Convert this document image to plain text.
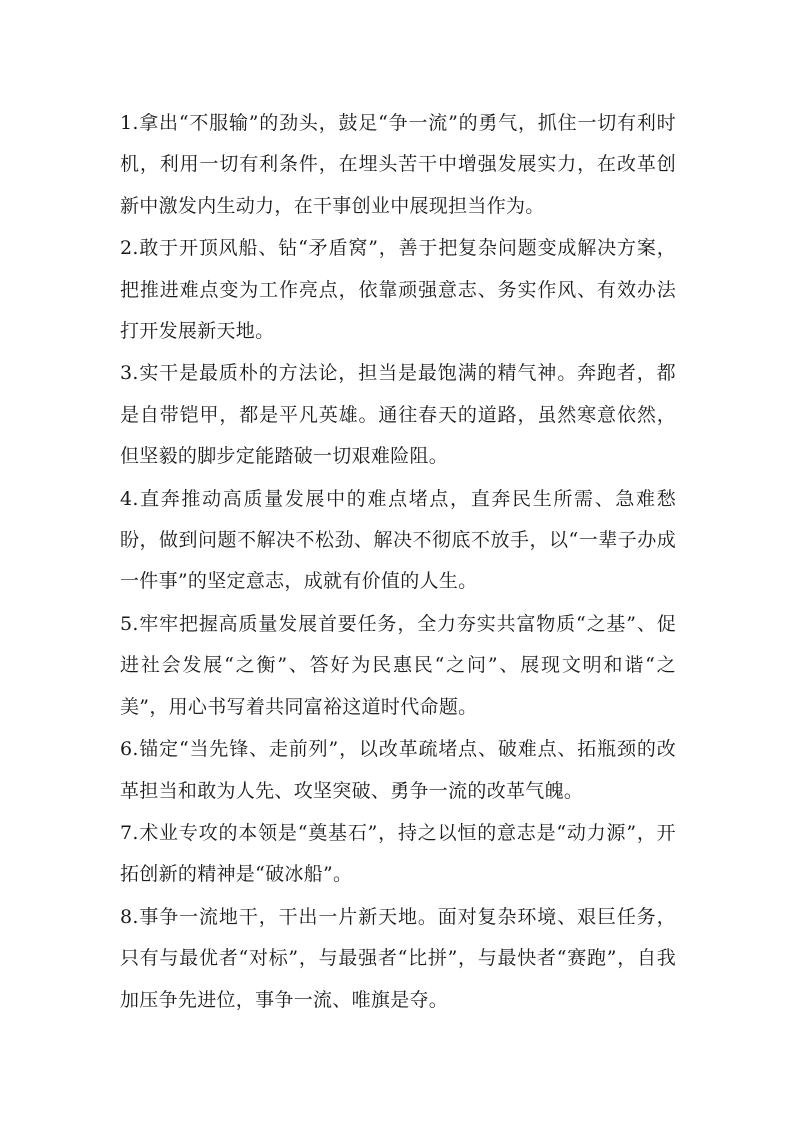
1.拿出“不服输”的劲头，鼓足“争一流”的勇气，抓住一切有利时机，利用一切有利条件，在埋头苦干中增强发展实力，在改革创新中激发内生动力，在干事创业中展现担当作为。

2.敢于开顶风船、钻“矛盾窝”，善于把复杂问题变成解决方案，把推进难点变为工作亮点，依靠顽强意志、务实作风、有效办法打开发展新天地。

3.实干是最质朴的方法论，担当是最饱满的精气神。奔跑者，都是自带铠甲，都是平凡英雄。通往春天的道路，虽然寒意依然，但坚毅的脚步定能踏破一切艰难险阻。

4.直奔推动高质量发展中的难点堵点，直奔民生所需、急难愁盼，做到问题不解决不松劲、解决不彻底不放手，以“一辈子办成一件事”的坚定意志，成就有价值的人生。

5.牢牢把握高质量发展首要任务，全力夯实共富物质“之基”、促进社会发展“之衡”、答好为民惠民“之问”、展现文明和谐“之美”，用心书写着共同富裕这道时代命题。

6.锚定“当先锋、走前列”，以改革疏堵点、破难点、拓瓶颈的改革担当和敢为人先、攻坚突破、勇争一流的改革气魄。

7.术业专攻的本领是“奠基石”，持之以恒的意志是“动力源”，开拓创新的精神是“破冰船”。

8.事争一流地干，干出一片新天地。面对复杂环境、艰巨任务，只有与最优者“对标”，与最强者“比拼”，与最快者“赛跑”，自我加压争先进位，事争一流、唯旗是夺。
